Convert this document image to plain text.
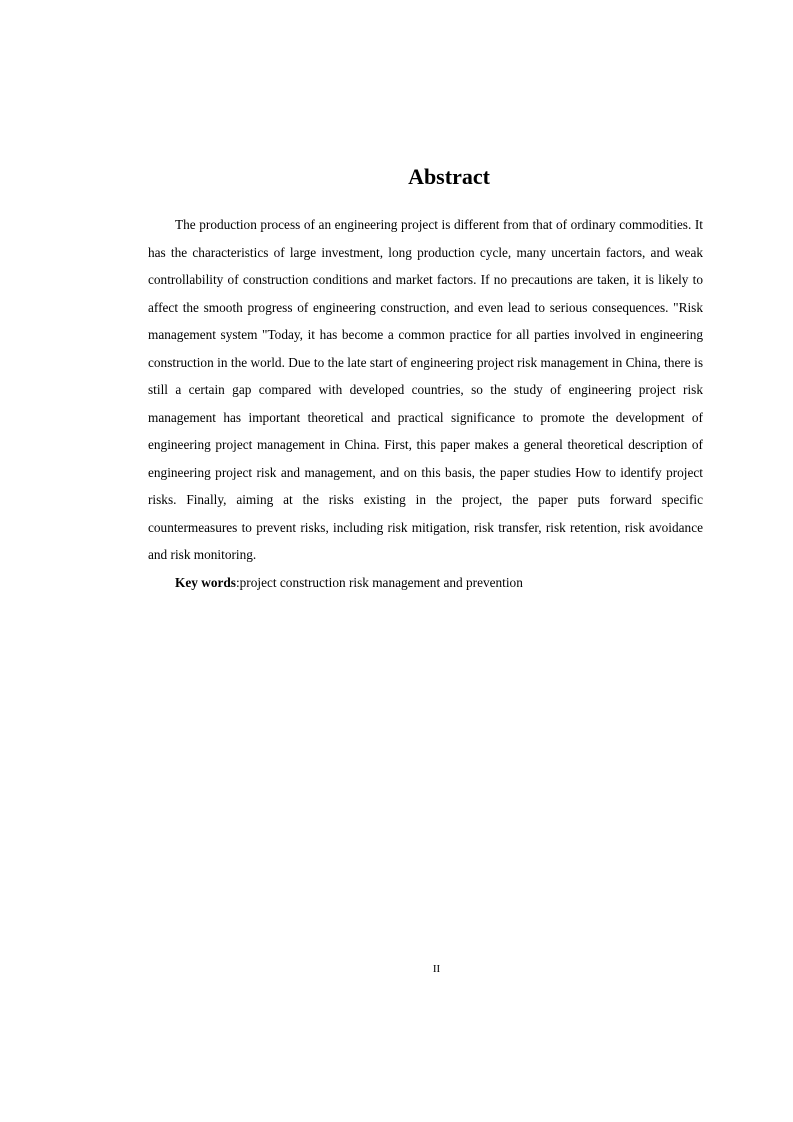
Abstract

The production process of an engineering project is different from that of ordinary commodities. It has the characteristics of large investment, long production cycle, many uncertain factors, and weak controllability of construction conditions and market factors. If no precautions are taken, it is likely to affect the smooth progress of engineering construction, and even lead to serious consequences. "Risk management system "Today, it has become a common practice for all parties involved in engineering construction in the world. Due to the late start of engineering project risk management in China, there is still a certain gap compared with developed countries, so the study of engineering project risk management has important theoretical and practical significance to promote the development of engineering project management in China. First, this paper makes a general theoretical description of engineering project risk and management, and on this basis, the paper studies How to identify project risks. Finally, aiming at the risks existing in the project, the paper puts forward specific countermeasures to prevent risks, including risk mitigation, risk transfer, risk retention, risk avoidance and risk monitoring.

Key words:project construction risk management and prevention

II
